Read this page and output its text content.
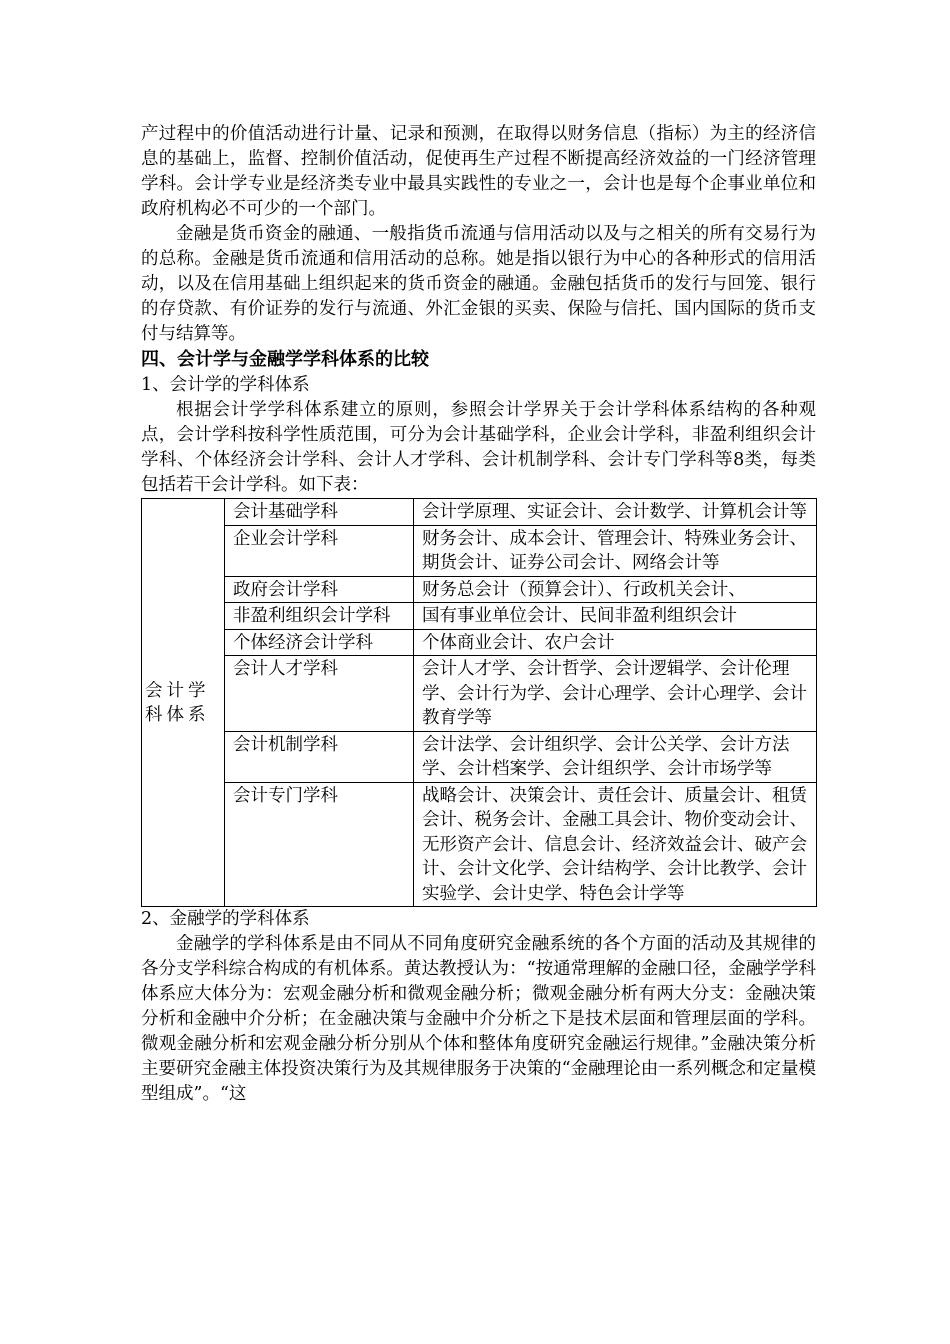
产过程中的价值活动进行计量、记录和预测，在取得以财务信息（指标）为主的经济信息的基础上，监督、控制价值活动，促使再生产过程不断提高经济效益的一门经济管理学科。会计学专业是经济类专业中最具实践性的专业之一，会计也是每个企事业单位和政府机构必不可少的一个部门。

金融是货币资金的融通、一般指货币流通与信用活动以及与之相关的所有交易行为的总称。金融是货币流通和信用活动的总称。她是指以银行为中心的各种形式的信用活动，以及在信用基础上组织起来的货币资金的融通。金融包括货币的发行与回笼、银行的存贷款、有价证券的发行与流通、外汇金银的买卖、保险与信托、国内国际的货币支付与结算等。

四、会计学与金融学学科体系的比较

1、会计学的学科体系

根据会计学学科体系建立的原则，参照会计学界关于会计学科体系结构的各种观点，会计学科按科学性质范围，可分为会计基础学科，企业会计学科，非盈利组织会计学科、个体经济会计学科、会计人才学科、会计机制学科、会计专门学科等8类，每类包括若干会计学科。如下表：

会计学科体系	会计基础学科	会计学原理、实证会计、会计数学、计算机会计等
	企业会计学科	财务会计、成本会计、管理会计、特殊业务会计、期货会计、证券公司会计、网络会计等
	政府会计学科	财务总会计（预算会计）、行政机关会计、
	非盈利组织会计学科	国有事业单位会计、民间非盈利组织会计
	个体经济会计学科	个体商业会计、农户会计
	会计人才学科	会计人才学、会计哲学、会计逻辑学、会计伦理学、会计行为学、会计心理学、会计心理学、会计教育学等
	会计机制学科	会计法学、会计组织学、会计公关学、会计方法学、会计档案学、会计组织学、会计市场学等
	会计专门学科	战略会计、决策会计、责任会计、质量会计、租赁会计、税务会计、金融工具会计、物价变动会计、无形资产会计、信息会计、经济效益会计、破产会计、会计文化学、会计结构学、会计比教学、会计实验学、会计史学、特色会计学等

2、金融学的学科体系

金融学的学科体系是由不同从不同角度研究金融系统的各个方面的活动及其规律的各分支学科综合构成的有机体系。黄达教授认为：“按通常理解的金融口径，金融学学科体系应大体分为：宏观金融分析和微观金融分析；微观金融分析有两大分支：金融决策分析和金融中介分析；在金融决策与金融中介分析之下是技术层面和管理层面的学科。微观金融分析和宏观金融分析分别从个体和整体角度研究金融运行规律。”金融决策分析主要研究金融主体投资决策行为及其规律服务于决策的“金融理论由一系列概念和定量模型组成”。“这
